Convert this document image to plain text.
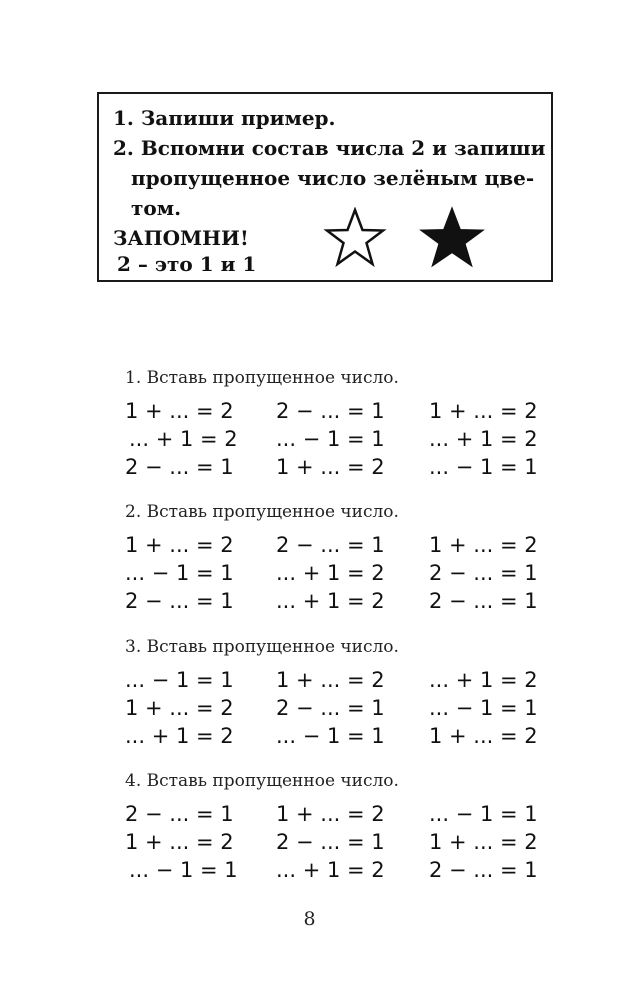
1. Запиши пример.
2. Вспомни состав числа 2 и запиши
пропущенное число зелёным цве-
том.
ЗАПОМНИ!
2 – это 1 и 1
1. Вставь пропущенное число.
1 + ... = 2 2 − ... = 1 1 + ... = 2
... + 1 = 2 ... − 1 = 1 ... + 1 = 2
2 − ... = 1 1 + ... = 2 ... − 1 = 1
2. Вставь пропущенное число.
1 + ... = 2 2 − ... = 1 1 + ... = 2
... − 1 = 1 ... + 1 = 2 2 − ... = 1
2 − ... = 1 ... + 1 = 2 2 − ... = 1
3. Вставь пропущенное число.
... − 1 = 1 1 + ... = 2 ... + 1 = 2
1 + ... = 2 2 − ... = 1 ... − 1 = 1
... + 1 = 2 ... − 1 = 1 1 + ... = 2
4. Вставь пропущенное число.
2 − ... = 1 1 + ... = 2 ... − 1 = 1
1 + ... = 2 2 − ... = 1 1 + ... = 2
... − 1 = 1 ... + 1 = 2 2 − ... = 1
8
